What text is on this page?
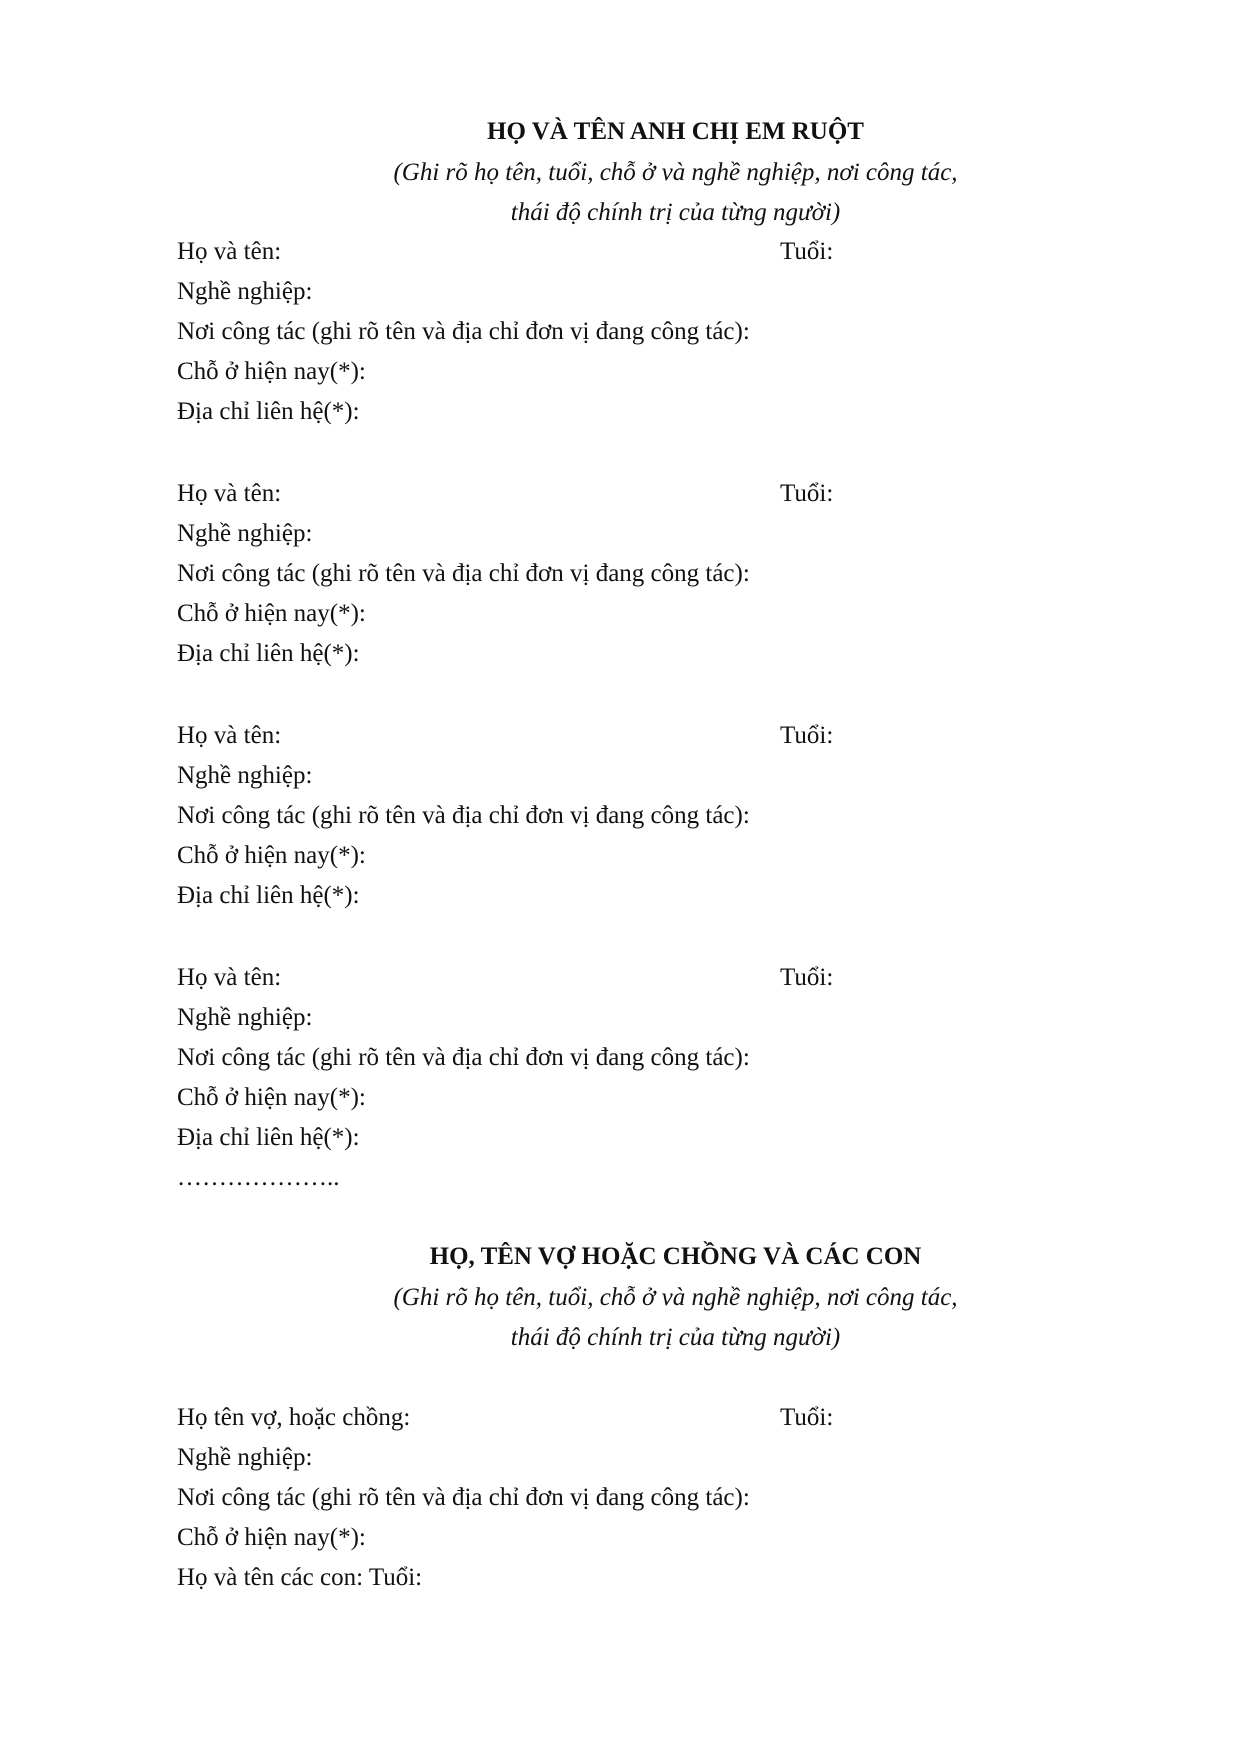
HỌ VÀ TÊN ANH CHỊ EM RUỘT
(Ghi rõ họ tên, tuổi, chỗ ở và nghề nghiệp, nơi công tác,
thái độ chính trị của từng người)
Họ và tên:	Tuổi:
Nghề nghiệp:
Nơi công tác (ghi rõ tên và địa chỉ đơn vị đang công tác):
Chỗ ở hiện nay(*):
Địa chỉ liên hệ(*):
Họ và tên:	Tuổi:
Nghề nghiệp:
Nơi công tác (ghi rõ tên và địa chỉ đơn vị đang công tác):
Chỗ ở hiện nay(*):
Địa chỉ liên hệ(*):
Họ và tên:	Tuổi:
Nghề nghiệp:
Nơi công tác (ghi rõ tên và địa chỉ đơn vị đang công tác):
Chỗ ở hiện nay(*):
Địa chỉ liên hệ(*):
Họ và tên:	Tuổi:
Nghề nghiệp:
Nơi công tác (ghi rõ tên và địa chỉ đơn vị đang công tác):
Chỗ ở hiện nay(*):
Địa chỉ liên hệ(*):
………………..
HỌ, TÊN VỢ HOẶC CHỒNG VÀ CÁC CON
(Ghi rõ họ tên, tuổi, chỗ ở và nghề nghiệp, nơi công tác,
thái độ chính trị của từng người)
Họ tên vợ, hoặc chồng:	Tuổi:
Nghề nghiệp:
Nơi công tác (ghi rõ tên và địa chỉ đơn vị đang công tác):
Chỗ ở hiện nay(*):
Họ và tên các con: Tuổi:
